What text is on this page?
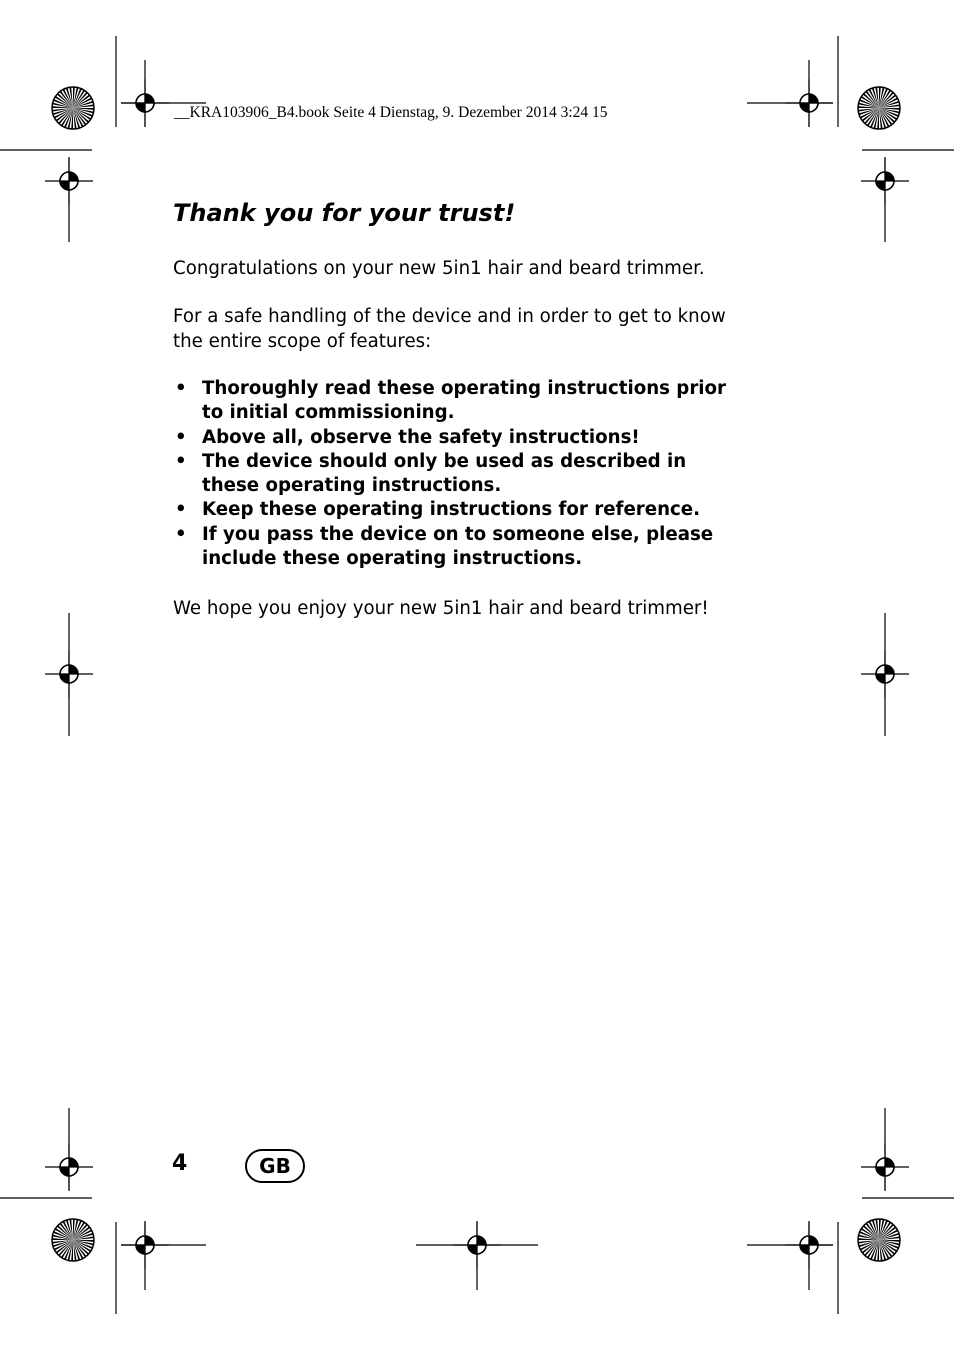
__KRA103906_B4.book Seite 4 Dienstag, 9. Dezember 2014 3:24 15
Thank you for your trust!

Congratulations on your new 5in1 hair and beard trimmer.

For a safe handling of the device and in order to get to know the entire scope of features:

• Thoroughly read these operating instructions prior to initial commissioning.
• Above all, observe the safety instructions!
• The device should only be used as described in these operating instructions.
• Keep these operating instructions for reference.
• If you pass the device on to someone else, please include these operating instructions.

We hope you enjoy your new 5in1 hair and beard trimmer!

4	GB
